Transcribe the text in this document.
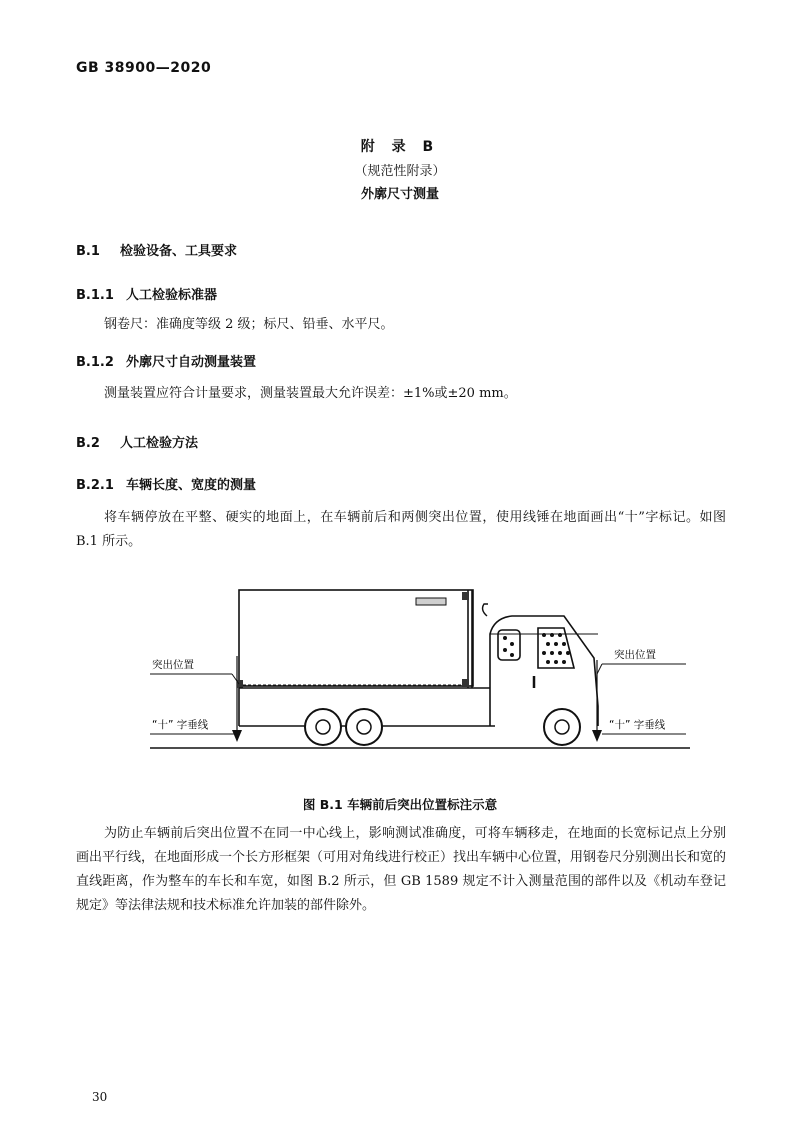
GB 38900—2020
附 录 B
（规范性附录）
外廓尺寸测量
B.1 检验设备、工具要求
B.1.1 人工检验标准器
钢卷尺：准确度等级 2 级；标尺、铅垂、水平尺。
B.1.2 外廓尺寸自动测量装置
测量装置应符合计量要求，测量装置最大允许误差：±1%或±20 mm。
B.2 人工检验方法
B.2.1 车辆长度、宽度的测量
将车辆停放在平整、硬实的地面上，在车辆前后和两侧突出位置，使用线锤在地面画出“十”字标记。如图 B.1 所示。
突出位置
突出位置
“十” 字垂线	“十” 字垂线
图 B.1 车辆前后突出位置标注示意
为防止车辆前后突出位置不在同一中心线上，影响测试准确度，可将车辆移走，在地面的长宽标记点上分别画出平行线，在地面形成一个长方形框架（可用对角线进行校正）找出车辆中心位置，用钢卷尺分别测出长和宽的直线距离，作为整车的车长和车宽，如图 B.2 所示，但 GB 1589 规定不计入测量范围的部件以及《机动车登记规定》等法律法规和技术标准允许加装的部件除外。
30
